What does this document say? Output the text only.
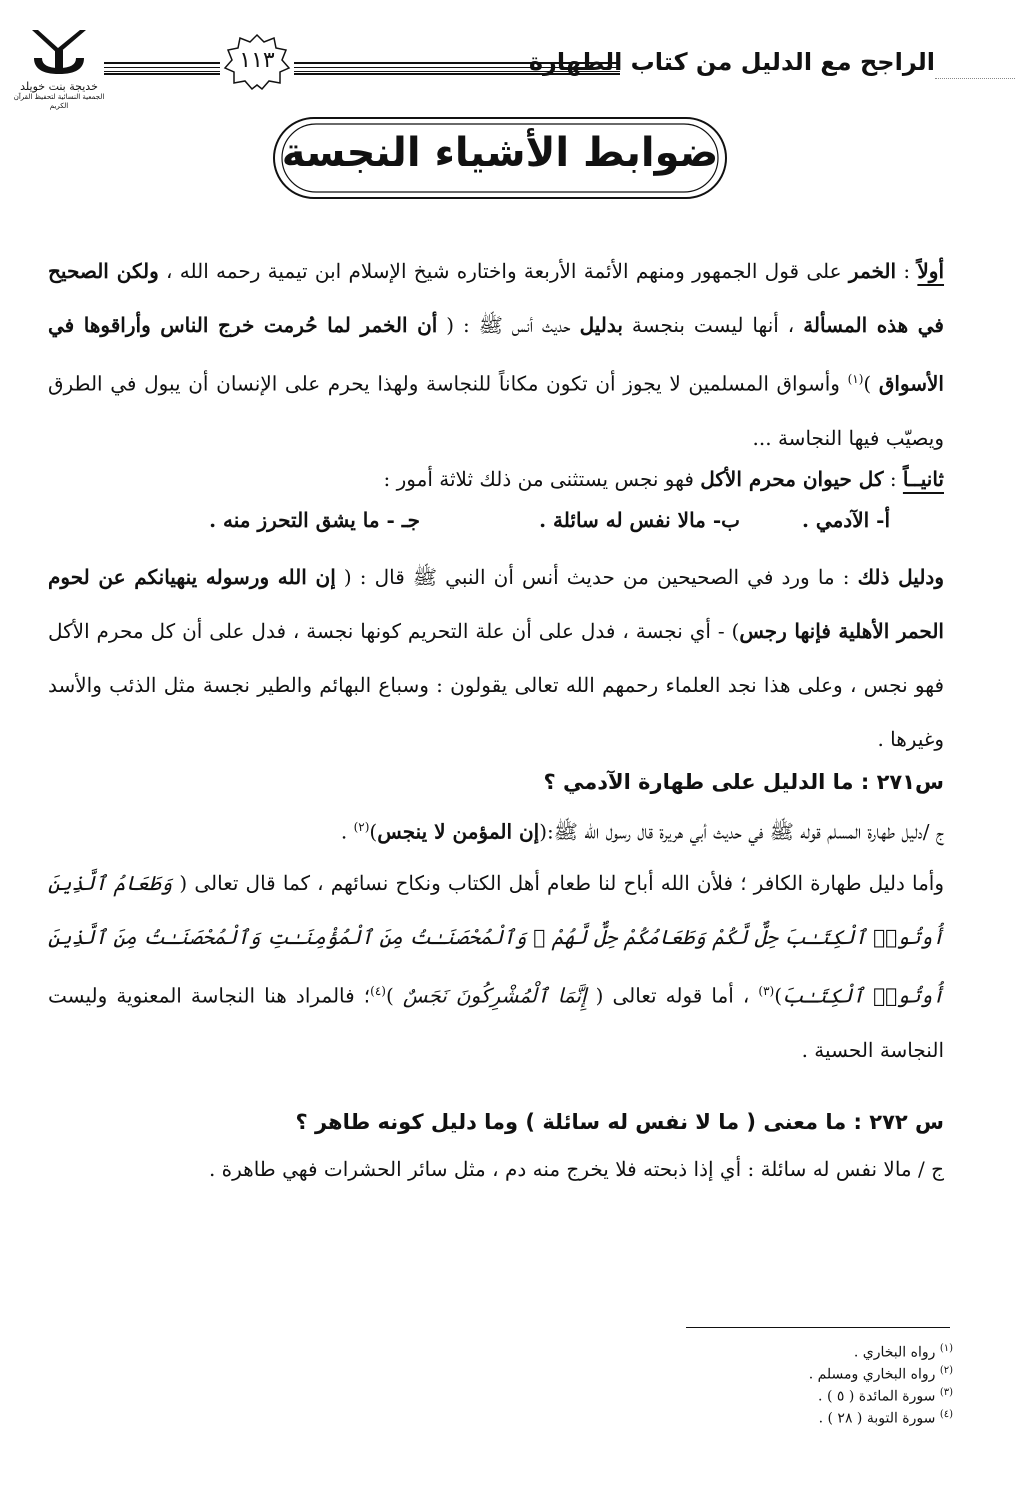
خديجة بنت خويلد
الجمعية النسائية لتحفيظ القرآن الكريم
١١٣	الراجح مع الدليل من كتاب الطهارة
ضوابط الأشياء النجسة
أولاً : الخمر على قول الجمهور ومنهم الأئمة الأربعة واختاره شيخ الإسلام ابن تيمية رحمه الله ، ولكن الصحيح في هذه المسألة ، أنها ليست بنجسة بدليل حديث أنس ﷺ : ( أن الخمر لما حُرمت خرج الناس وأراقوها في الأسواق )$^{(١)}$ وأسواق المسلمين لا يجوز أن تكون مكاناً للنجاسة ولهذا يحرم على الإنسان أن يبول في الطرق ويصيّب فيها النجاسة ...
ثانيــاً : كل حيوان محرم الأكل فهو نجس يستثنى من ذلك ثلاثة أمور :
أ- الآدمي .
ب- مالا نفس له سائلة .
جـ - ما يشق التحرز منه .
ودليل ذلك : ما ورد في الصحيحين من حديث أنس أن النبي ﷺ قال : ( إن الله ورسوله ينهيانكم عن لحوم الحمر الأهلية فإنها رجس) - أي نجسة ، فدل على أن علة التحريم كونها نجسة ، فدل على أن كل محرم الأكل فهو نجس ، وعلى هذا نجد العلماء رحمهم الله تعالى يقولون : وسباع البهائم والطير نجسة مثل الذئب والأسد وغيرها .
س٢٧١ : ما الدليل على طهارة الآدمي ؟
ج /دليل طهارة المسلم قوله ﷺ في حديث أبي هريرة قال رسول الله ﷺ:(إن المؤمن لا ينجس)$^{(٢)}$ .
وأما دليل طهارة الكافر ؛ فلأن الله أباح لنا طعام أهل الكتاب ونكاح نسائهم ، كما قال تعالى ( وَطَعَامُ ٱلَّذِينَ أُوتُوا۟ ٱلْكِتَـٰبَ حِلٌّ لَّكُمْ وَطَعَامُكُمْ حِلٌّ لَّهُمْ ۖ وَٱلْمُحْصَنَـٰتُ مِنَ ٱلْمُؤْمِنَـٰتِ وَٱلْمُحْصَنَـٰتُ مِنَ ٱلَّذِينَ أُوتُوا۟ ٱلْكِتَـٰبَ)$^{(٣)}$ ، أما قوله تعالى ( إِنَّمَا ٱلْمُشْرِكُونَ نَجَسٌ )$^{(٤)}$؛ فالمراد هنا النجاسة المعنوية وليست النجاسة الحسية .
س ٢٧٢ : ما معنى ( ما لا نفس له سائلة ) وما دليل كونه طاهر ؟
ج / مالا نفس له سائلة : أي إذا ذبحته فلا يخرج منه دم ، مثل سائر الحشرات فهي طاهرة .
$^{(١)}$ رواه البخاري .
$^{(٢)}$ رواه البخاري ومسلم .
$^{(٣)}$ سورة المائدة ( ٥ ) .
$^{(٤)}$ سورة التوبة ( ٢٨ ) .
